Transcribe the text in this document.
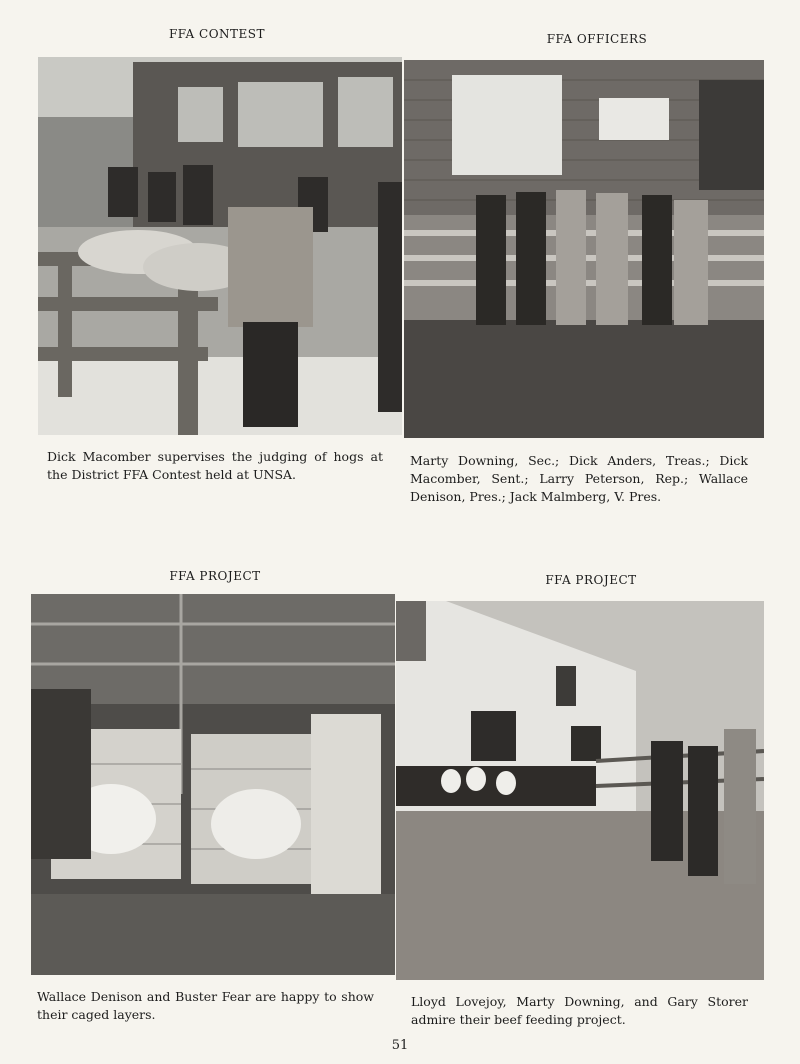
FFA CONTEST	FFA OFFICERS
FFA PROJECT	FFA PROJECT
Dick Macomber supervises the judging of hogs at the District FFA Contest held at UNSA.
Marty Downing, Sec.; Dick Anders, Treas.; Dick Macomber, Sent.; Larry Peterson, Rep.; Wallace Denison, Pres.; Jack Malmberg, V. Pres.
Wallace Denison and Buster Fear are happy to show their caged layers.
Lloyd Lovejoy, Marty Downing, and Gary Storer admire their beef feeding project.
51
